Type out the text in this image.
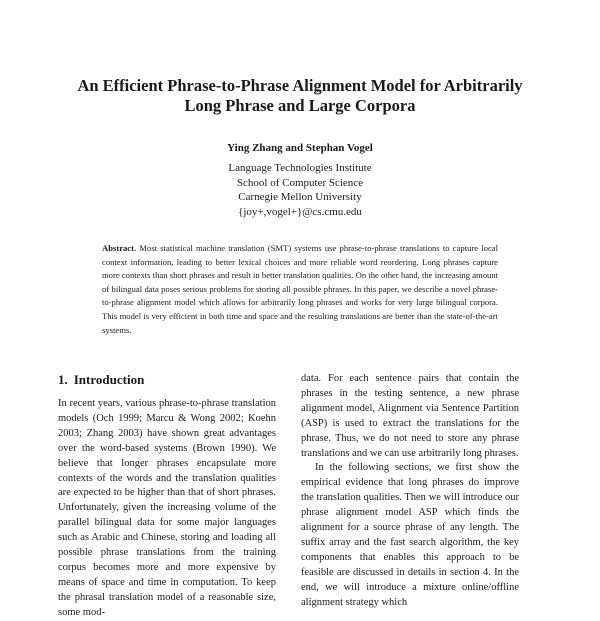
An Efficient Phrase-to-Phrase Alignment Model for Arbitrarily
Long Phrase and Large Corpora
Ying Zhang and Stephan Vogel
Language Technologies Institute
School of Computer Science
Carnegie Mellon University
{joy+,vogel+}@cs.cmu.edu
Abstract. Most statistical machine translation (SMT) systems use phrase-to-phrase translations to capture local context information, leading to better lexical choices and more reliable word reordering. Long phrases capture more contexts than short phrases and result in better translation qualities. On the other hand, the increasing amount of bilingual data poses serious problems for storing all possible phrases. In this paper, we describe a novel phrase-to-phrase alignment model which allows for arbitrarily long phrases and works for very large bilingual corpora. This model is very efficient in both time and space and the resulting translations are better than the state-of-the-art systems.
1. Introduction

In recent years, various phrase-to-phrase translation models (Och 1999; Marcu & Wong 2002; Koehn 2003; Zhang 2003) have shown great advantages over the word-based systems (Brown 1990). We believe that longer phrases encapsulate more contexts of the words and the translation qualities are expected to be higher than that of short phrases. Unfortunately, given the increasing volume of the parallel bilingual data for some major languages such as Arabic and Chinese, storing and loading all possible phrase translations from the training corpus becomes more and more expensive by means of space and time in computation. To keep the phrasal translation model of a reasonable size, some mod-

data. For each sentence pairs that contain the phrases in the testing sentence, a new phrase alignment model, Alignment via Sentence Partition (ASP) is used to extract the translations for the phrase. Thus, we do not need to store any phrase translations and we can use arbitrarily long phrases.

In the following sections, we first show the empirical evidence that long phrases do improve the translation qualities. Then we will introduce our phrase alignment model ASP which finds the alignment for a source phrase of any length. The suffix array and the fast search algorithm, the key components that enables this approach to be feasible are discussed in details in section 4. In the end, we will introduce a mixture online/offline alignment strategy which
